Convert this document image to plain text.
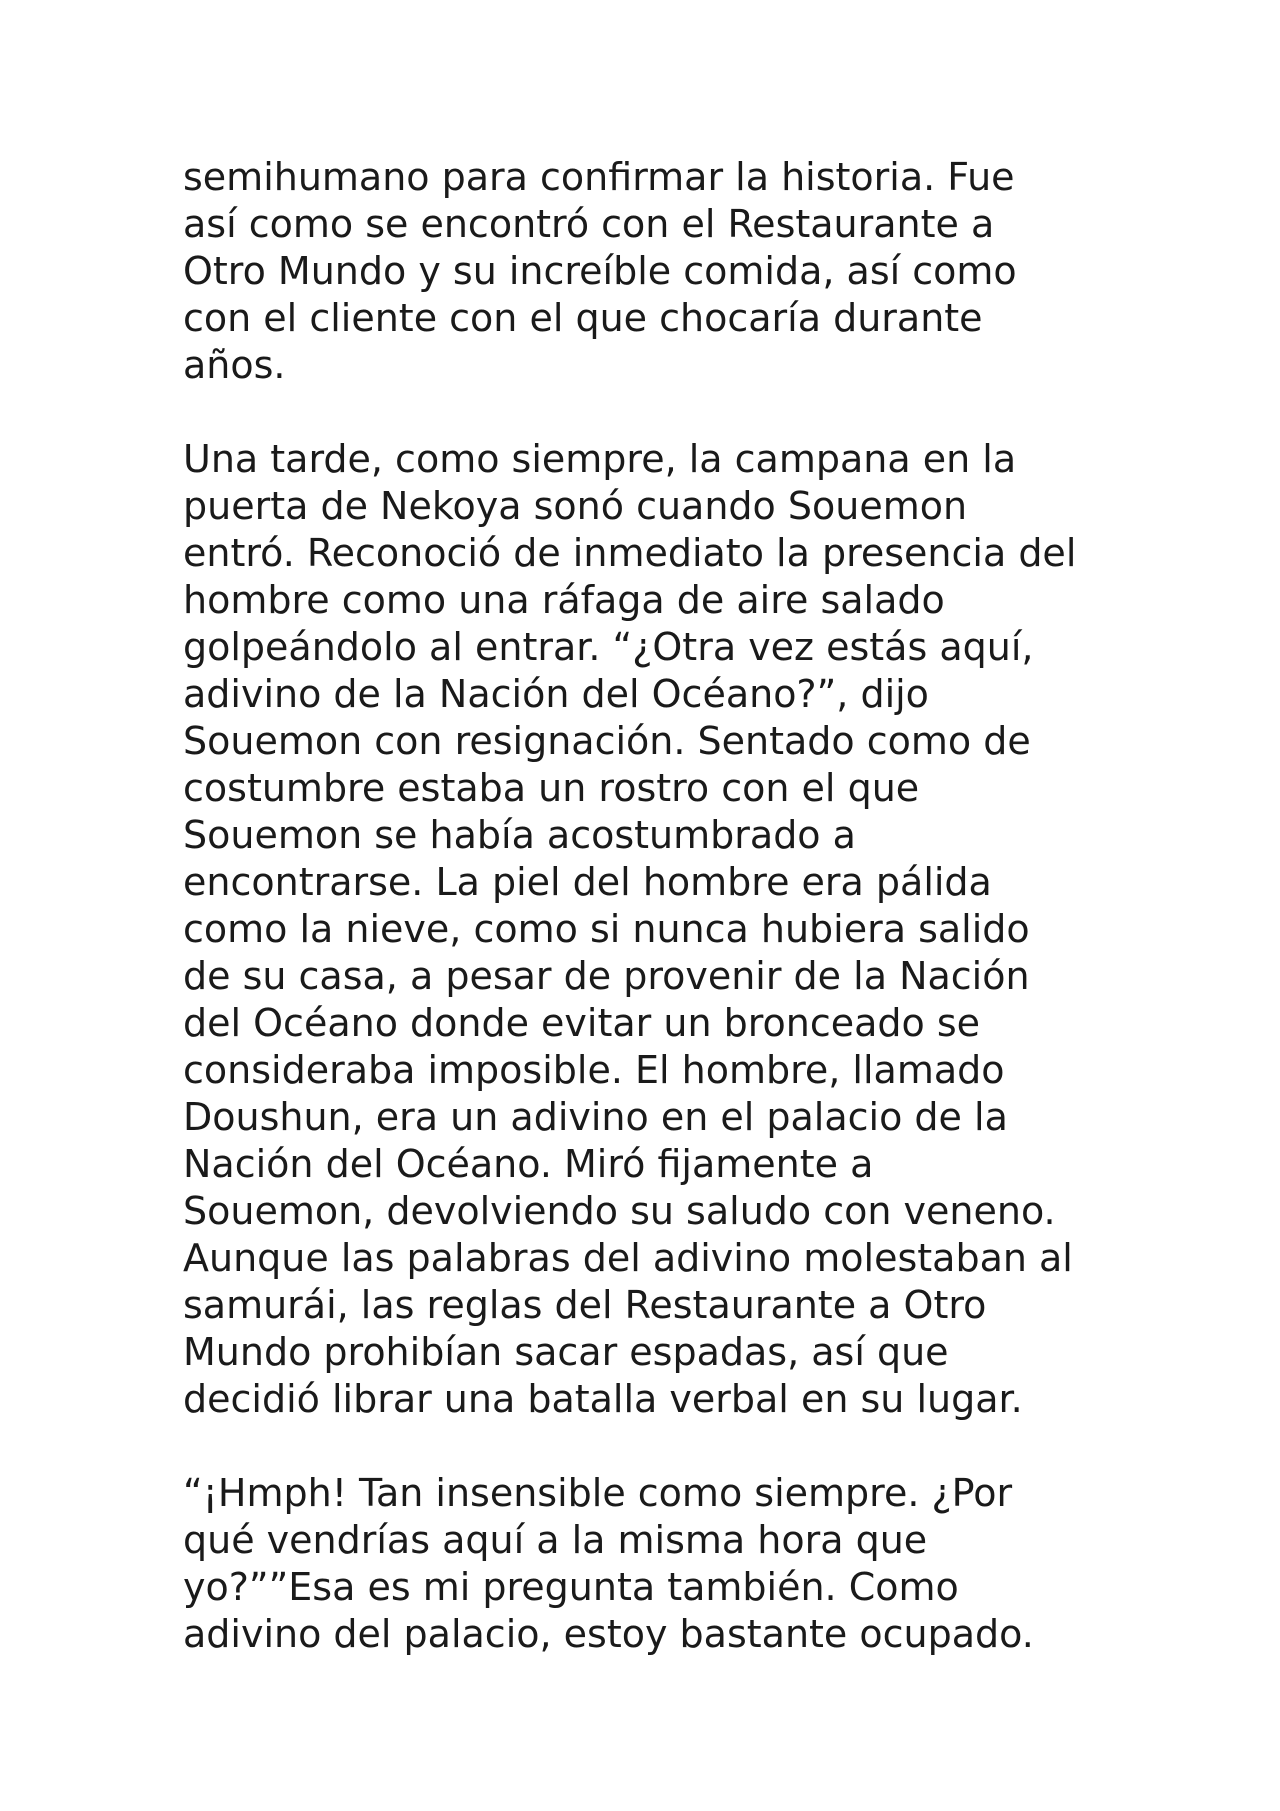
semihumano para confirmar la historia. Fue
así como se encontró con el Restaurante a
Otro Mundo y su increíble comida, así como
con el cliente con el que chocaría durante
años.

Una tarde, como siempre, la campana en la
puerta de Nekoya sonó cuando Souemon
entró. Reconoció de inmediato la presencia del
hombre como una ráfaga de aire salado
golpeándolo al entrar. “¿Otra vez estás aquí,
adivino de la Nación del Océano?”, dijo
Souemon con resignación. Sentado como de
costumbre estaba un rostro con el que
Souemon se había acostumbrado a
encontrarse. La piel del hombre era pálida
como la nieve, como si nunca hubiera salido
de su casa, a pesar de provenir de la Nación
del Océano donde evitar un bronceado se
consideraba imposible. El hombre, llamado
Doushun, era un adivino en el palacio de la
Nación del Océano. Miró fijamente a
Souemon, devolviendo su saludo con veneno.
Aunque las palabras del adivino molestaban al
samurái, las reglas del Restaurante a Otro
Mundo prohibían sacar espadas, así que
decidió librar una batalla verbal en su lugar.

“¡Hmph! Tan insensible como siempre. ¿Por
qué vendrías aquí a la misma hora que
yo?””Esa es mi pregunta también. Como
adivino del palacio, estoy bastante ocupado.
